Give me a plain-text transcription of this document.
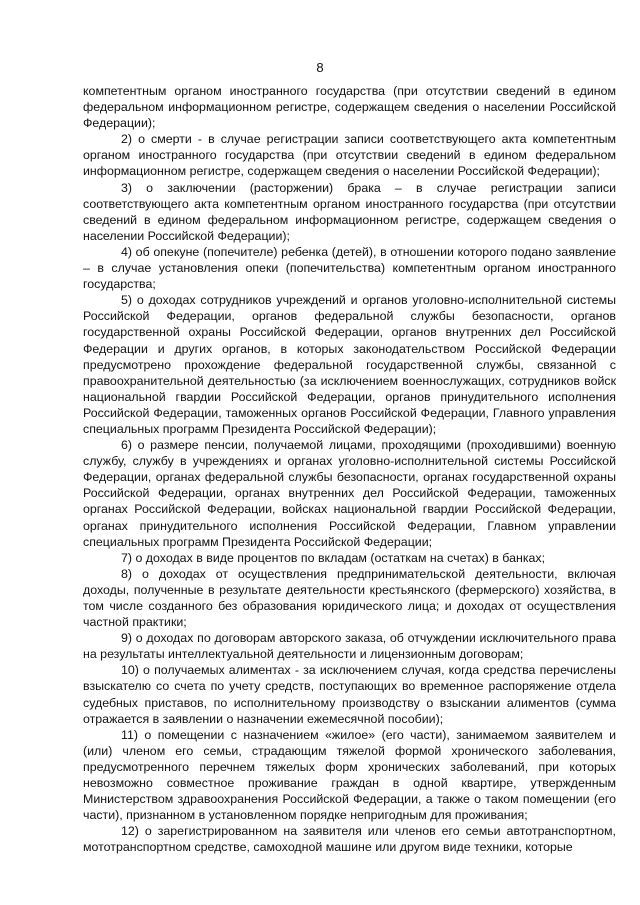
8

компетентным органом иностранного государства (при отсутствии сведений в едином федеральном информационном регистре, содержащем сведения о населении Российской Федерации);

2) о смерти - в случае регистрации записи соответствующего акта компетентным органом иностранного государства (при отсутствии сведений в едином федеральном информационном регистре, содержащем сведения о населении Российской Федерации);

3) о заключении (расторжении) брака – в случае регистрации записи соответствующего акта компетентным органом иностранного государства (при отсутствии сведений в едином федеральном информационном регистре, содержащем сведения о населении Российской Федерации);

4) об опекуне (попечителе) ребенка (детей), в отношении которого подано заявление – в случае установления опеки (попечительства) компетентным органом иностранного государства;

5) о доходах сотрудников учреждений и органов уголовно-исполнительной системы Российской Федерации, органов федеральной службы безопасности, органов государственной охраны Российской Федерации, органов внутренних дел Российской Федерации и других органов, в которых законодательством Российской Федерации предусмотрено прохождение федеральной государственной службы, связанной с правоохранительной деятельностью (за исключением военнослужащих, сотрудников войск национальной гвардии Российской Федерации, органов принудительного исполнения Российской Федерации, таможенных органов Российской Федерации, Главного управления специальных программ Президента Российской Федерации);

6) о размере пенсии, получаемой лицами, проходящими (проходившими) военную службу, службу в учреждениях и органах уголовно-исполнительной системы Российской Федерации, органах федеральной службы безопасности, органах государственной охраны Российской Федерации, органах внутренних дел Российской Федерации, таможенных органах Российской Федерации, войсках национальной гвардии Российской Федерации, органах принудительного исполнения Российской Федерации, Главном управлении специальных программ Президента Российской Федерации;

7) о доходах в виде процентов по вкладам (остаткам на счетах) в банках;

8) о доходах от осуществления предпринимательской деятельности, включая доходы, полученные в результате деятельности крестьянского (фермерского) хозяйства, в том числе созданного без образования юридического лица; и доходах от осуществления частной практики;

9) о доходах по договорам авторского заказа, об отчуждении исключительного права на результаты интеллектуальной деятельности и лицензионным договорам;

10) о получаемых алиментах - за исключением случая, когда средства перечислены взыскателю со счета по учету средств, поступающих во временное распоряжение отдела судебных приставов, по исполнительному производству о взыскании алиментов (сумма отражается в заявлении о назначении ежемесячной пособии);

11) о помещении с назначением «жилое» (его части), занимаемом заявителем и (или) членом его семьи, страдающим тяжелой формой хронического заболевания, предусмотренного перечнем тяжелых форм хронических заболеваний, при которых невозможно совместное проживание граждан в одной квартире, утвержденным Министерством здравоохранения Российской Федерации, а также о таком помещении (его части), признанном в установленном порядке непригодным для проживания;

12) о зарегистрированном на заявителя или членов его семьи автотранспортном, мототранспортном средстве, самоходной машине или другом виде техники, которые
